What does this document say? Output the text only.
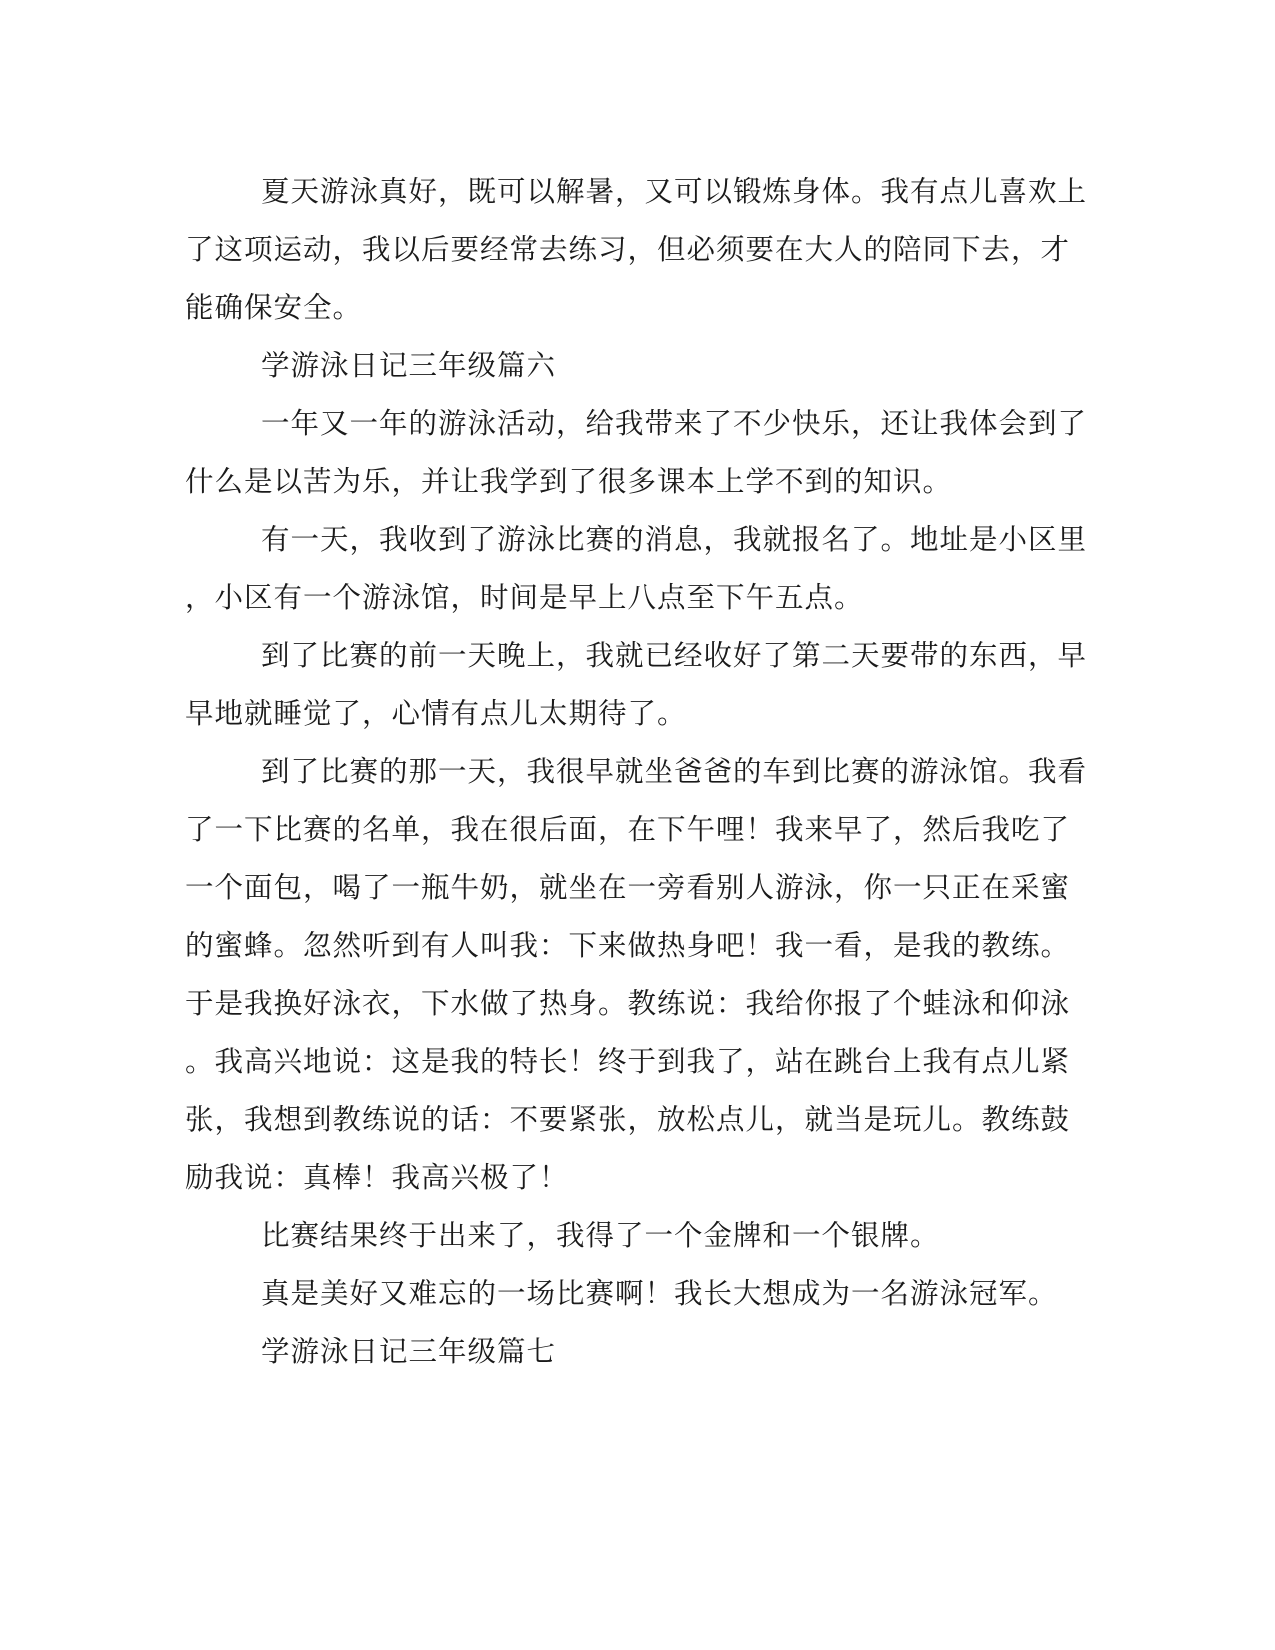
夏天游泳真好，既可以解暑，又可以锻炼身体。我有点儿喜欢上
了这项运动，我以后要经常去练习，但必须要在大人的陪同下去，才
能确保安全。
学游泳日记三年级篇六
一年又一年的游泳活动，给我带来了不少快乐，还让我体会到了
什么是以苦为乐，并让我学到了很多课本上学不到的知识。
有一天，我收到了游泳比赛的消息，我就报名了。地址是小区里
，小区有一个游泳馆，时间是早上八点至下午五点。
到了比赛的前一天晚上，我就已经收好了第二天要带的东西，早
早地就睡觉了，心情有点儿太期待了。
到了比赛的那一天，我很早就坐爸爸的车到比赛的游泳馆。我看
了一下比赛的名单，我在很后面，在下午哩！我来早了，然后我吃了
一个面包，喝了一瓶牛奶，就坐在一旁看别人游泳，你一只正在采蜜
的蜜蜂。忽然听到有人叫我：下来做热身吧！我一看，是我的教练。
于是我换好泳衣，下水做了热身。教练说：我给你报了个蛙泳和仰泳
。我高兴地说：这是我的特长！终于到我了，站在跳台上我有点儿紧
张，我想到教练说的话：不要紧张，放松点儿，就当是玩儿。教练鼓
励我说：真棒！我高兴极了！
比赛结果终于出来了，我得了一个金牌和一个银牌。
真是美好又难忘的一场比赛啊！我长大想成为一名游泳冠军。
学游泳日记三年级篇七
